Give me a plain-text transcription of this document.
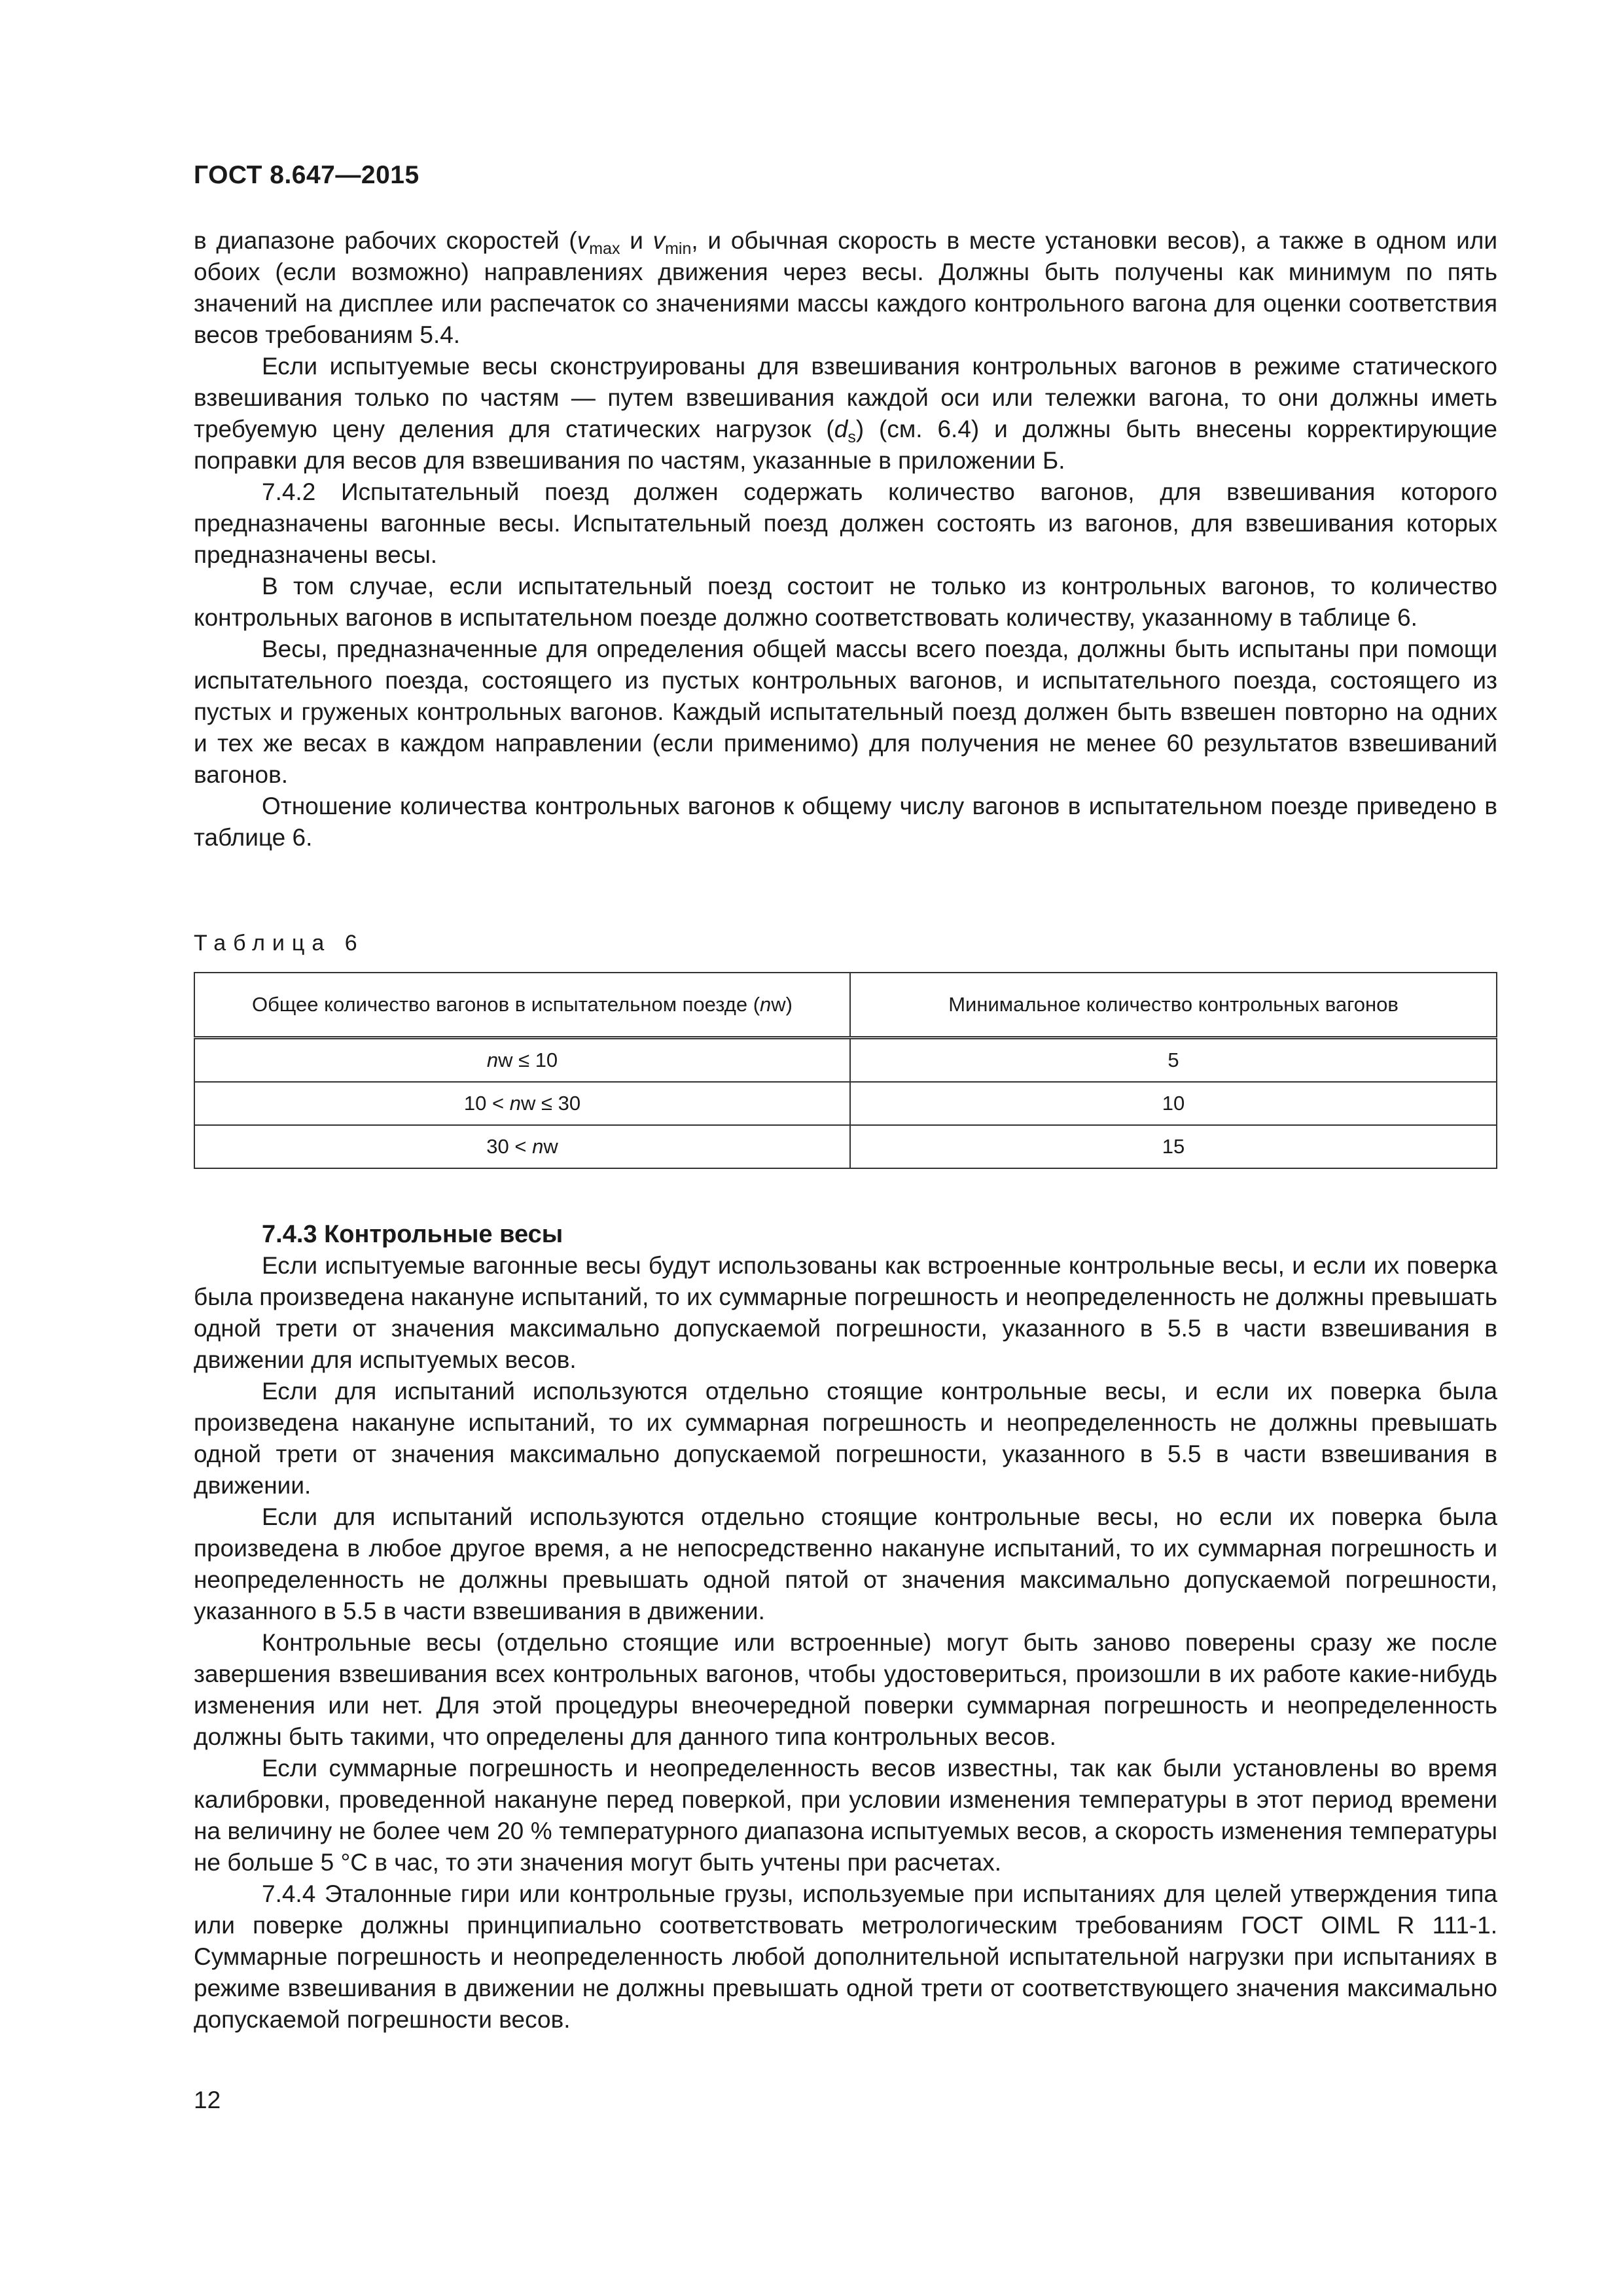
ГОСТ 8.647—2015

в диапазоне рабочих скоростей ($v_{max}$ и $v_{min}$, и обычная скорость в месте установки весов), а также в одном или обоих (если возможно) направлениях движения через весы. Должны быть получены как минимум по пять значений на дисплее или распечаток со значениями массы каждого контрольного вагона для оценки соответствия весов требованиям 5.4.

Если испытуемые весы сконструированы для взвешивания контрольных вагонов в режиме статического взвешивания только по частям — путем взвешивания каждой оси или тележки вагона, то они должны иметь требуемую цену деления для статических нагрузок $(d_s)$ (см. 6.4) и должны быть внесены корректирующие поправки для весов для взвешивания по частям, указанные в приложении Б.

7.4.2 Испытательный поезд должен содержать количество вагонов, для взвешивания которого предназначены вагонные весы. Испытательный поезд должен состоять из вагонов, для взвешивания которых предназначены весы.

В том случае, если испытательный поезд состоит не только из контрольных вагонов, то количество контрольных вагонов в испытательном поезде должно соответствовать количеству, указанному в таблице 6.

Весы, предназначенные для определения общей массы всего поезда, должны быть испытаны при помощи испытательного поезда, состоящего из пустых контрольных вагонов, и испытательного поезда, состоящего из пустых и груженых контрольных вагонов. Каждый испытательный поезд должен быть взвешен повторно на одних и тех же весах в каждом направлении (если применимо) для получения не менее 60 результатов взвешиваний вагонов.

Отношение количества контрольных вагонов к общему числу вагонов в испытательном поезде приведено в таблице 6.

Таблица 6
Общее количество вагонов в испытательном поезде (nw)	Минимальное количество контрольных вагонов
nw ≤ 10	5
10 < nw ≤ 30	10
30 < nw	15

7.4.3 Контрольные весы

Если испытуемые вагонные весы будут использованы как встроенные контрольные весы, и если их поверка была произведена накануне испытаний, то их суммарные погрешность и неопределенность не должны превышать одной трети от значения максимально допускаемой погрешности, указанного в 5.5 в части взвешивания в движении для испытуемых весов.

Если для испытаний используются отдельно стоящие контрольные весы, и если их поверка была произведена накануне испытаний, то их суммарная погрешность и неопределенность не должны превышать одной трети от значения максимально допускаемой погрешности, указанного в 5.5 в части взвешивания в движении.

Если для испытаний используются отдельно стоящие контрольные весы, но если их поверка была произведена в любое другое время, а не непосредственно накануне испытаний, то их суммарная погрешность и неопределенность не должны превышать одной пятой от значения максимально допускаемой погрешности, указанного в 5.5 в части взвешивания в движении.

Контрольные весы (отдельно стоящие или встроенные) могут быть заново поверены сразу же после завершения взвешивания всех контрольных вагонов, чтобы удостовериться, произошли в их работе какие-нибудь изменения или нет. Для этой процедуры внеочередной поверки суммарная погрешность и неопределенность должны быть такими, что определены для данного типа контрольных весов.

Если суммарные погрешность и неопределенность весов известны, так как были установлены во время калибровки, проведенной накануне перед поверкой, при условии изменения температуры в этот период времени на величину не более чем 20 % температурного диапазона испытуемых весов, а скорость изменения температуры не больше 5 °С в час, то эти значения могут быть учтены при расчетах.

7.4.4 Эталонные гири или контрольные грузы, используемые при испытаниях для целей утверждения типа или поверке должны принципиально соответствовать метрологическим требованиям ГОСТ OIML R 111-1. Суммарные погрешность и неопределенность любой дополнительной испытательной нагрузки при испытаниях в режиме взвешивания в движении не должны превышать одной трети от соответствующего значения максимально допускаемой погрешности весов.

12
